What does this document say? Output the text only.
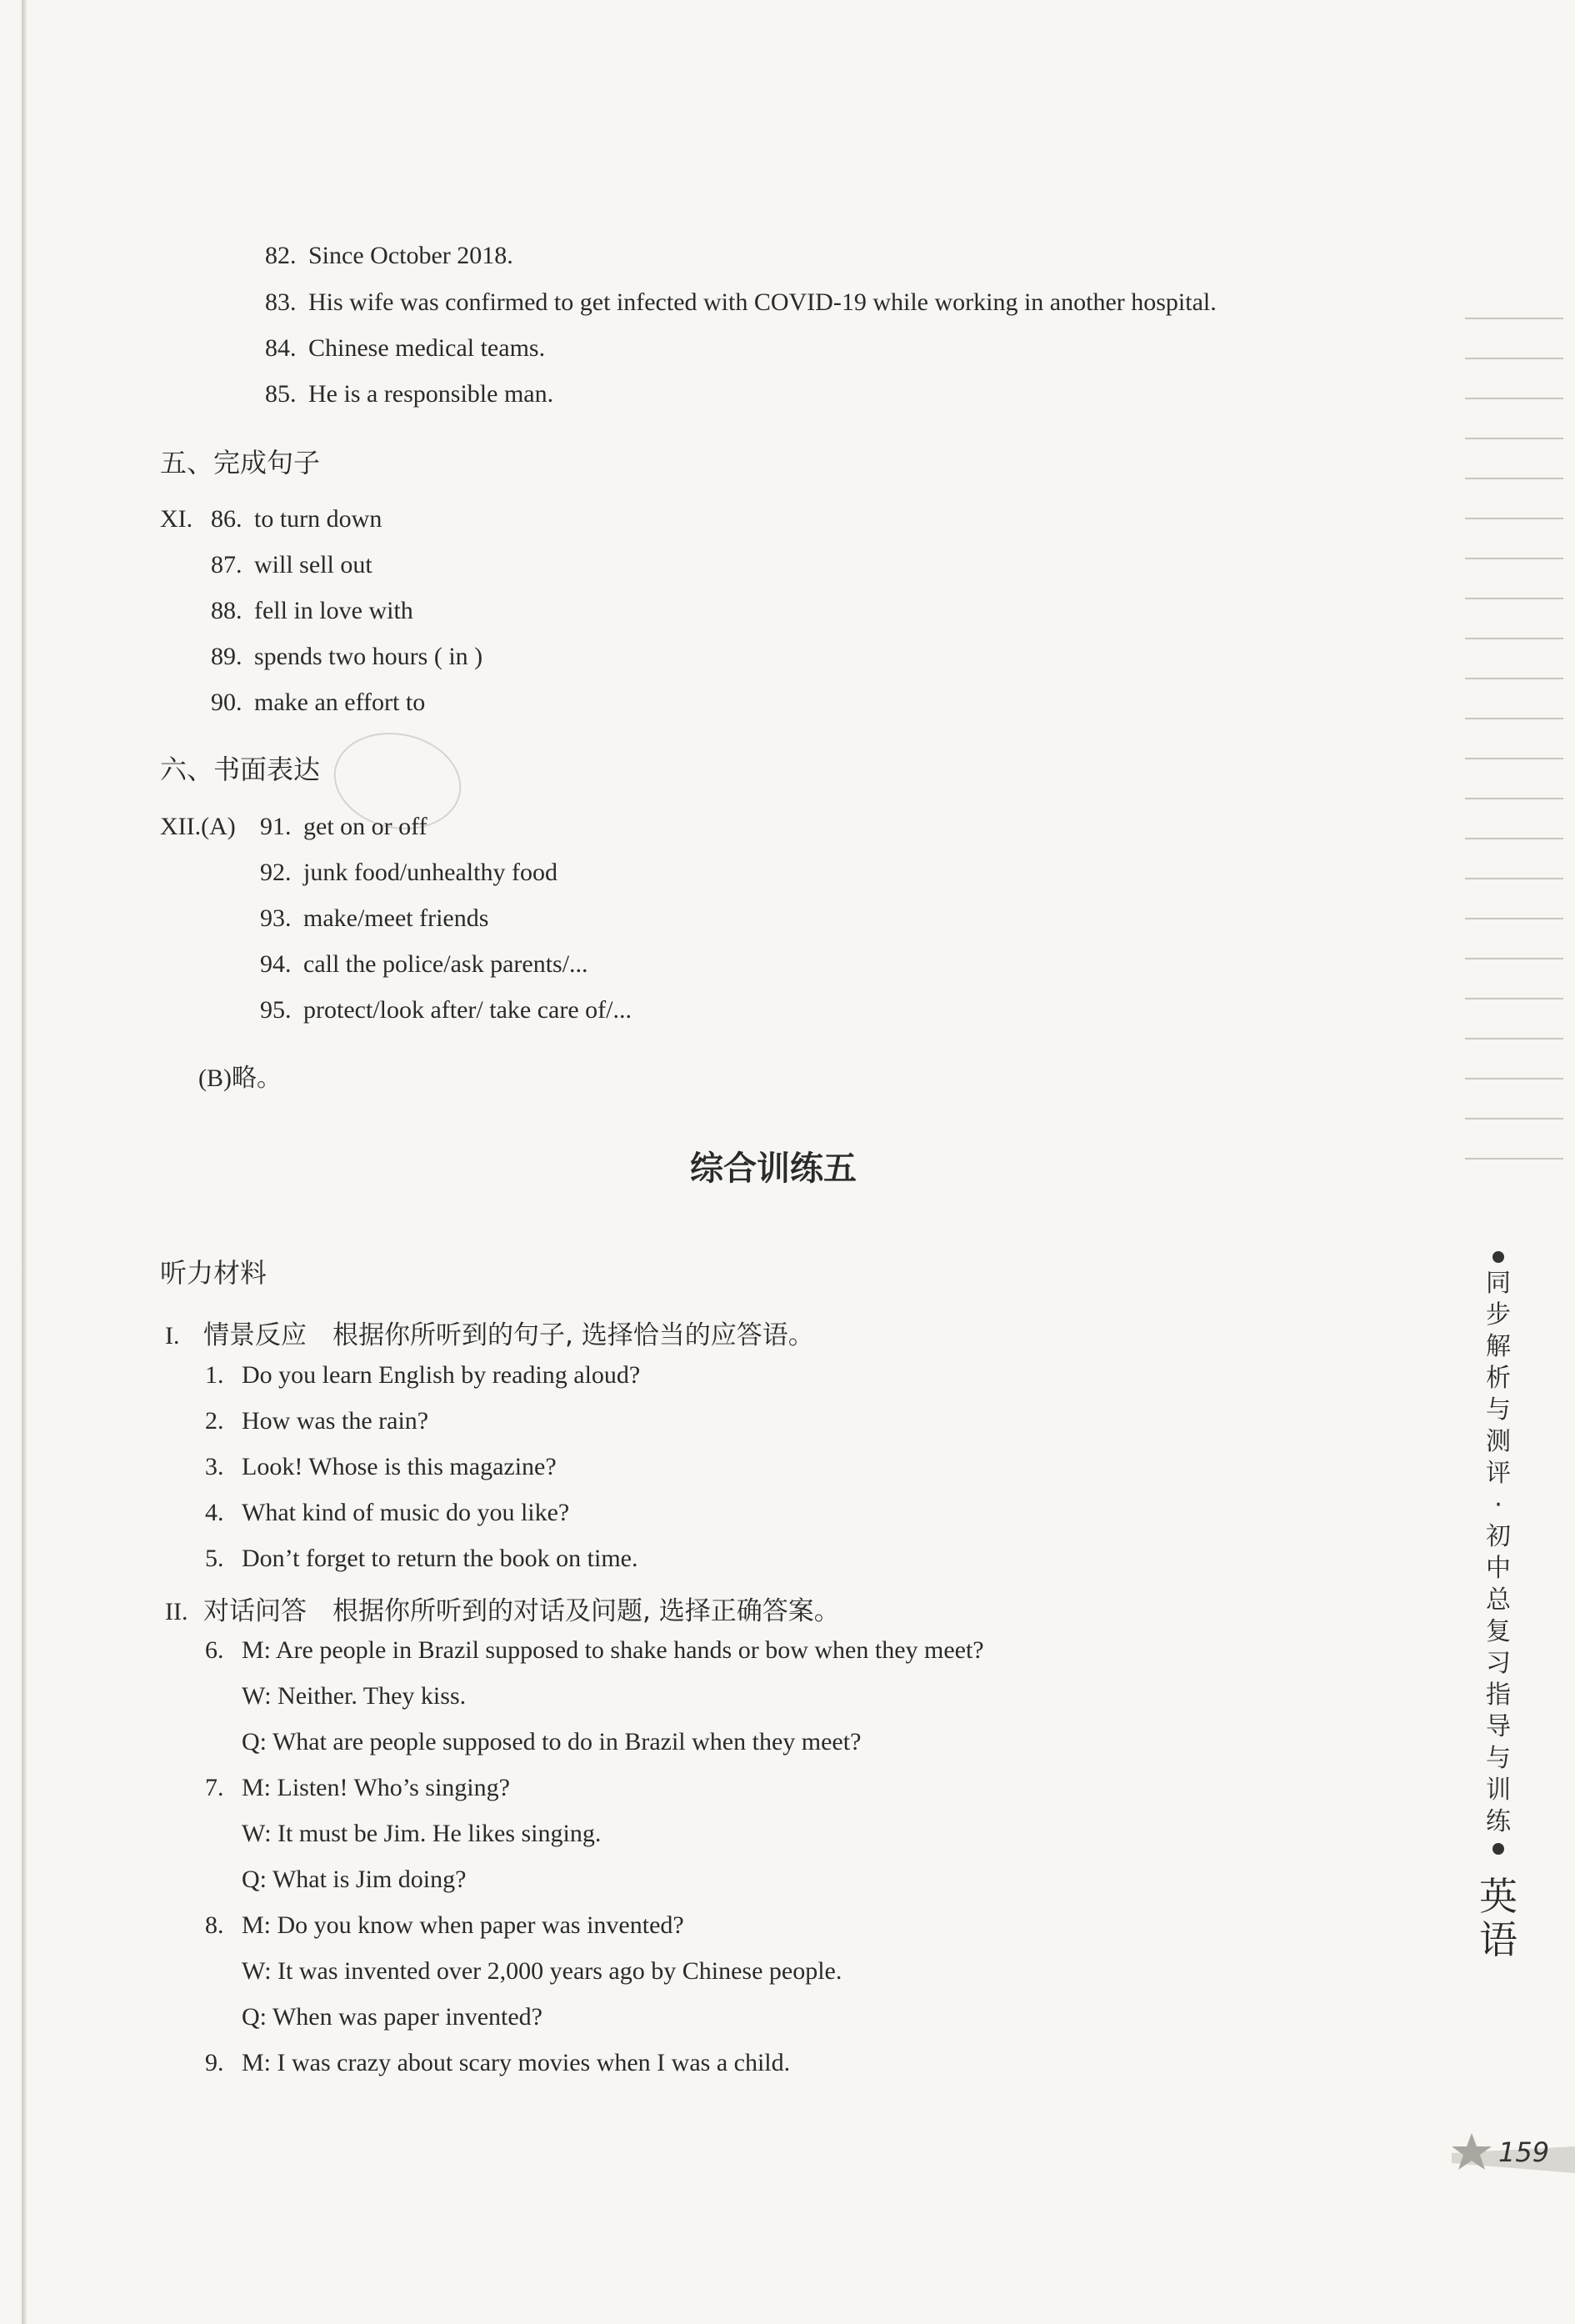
82. Since October 2018.
83. His wife was confirmed to get infected with COVID-19 while working in another hospital.
84. Chinese medical teams.
85. He is a responsible man.
五、完成句子
XI. 86. to turn down
87. will sell out
88. fell in love with
89. spends two hours ( in )
90. make an effort to
六、书面表达
XII.(A) 91. get on or off
92. junk food/unhealthy food
93. make/meet friends
94. call the police/ask parents/...
95. protect/look after/ take care of/...
(B)略。
综合训练五
听力材料
I. 情景反应　根据你所听到的句子, 选择恰当的应答语。
1. Do you learn English by reading aloud?
2. How was the rain?
3. Look! Whose is this magazine?
4. What kind of music do you like?
5. Don’t forget to return the book on time.
II. 对话问答　根据你所听到的对话及问题, 选择正确答案。
6. M: Are people in Brazil supposed to shake hands or bow when they meet?
W: Neither. They kiss.
Q: What are people supposed to do in Brazil when they meet?
7. M: Listen! Who’s singing?
W: It must be Jim. He likes singing.
Q: What is Jim doing?
8. M: Do you know when paper was invented?
W: It was invented over 2,000 years ago by Chinese people.
Q: When was paper invented?
9. M: I was crazy about scary movies when I was a child.
同步解析与测评·初中总复习指导与训练
英语
159
